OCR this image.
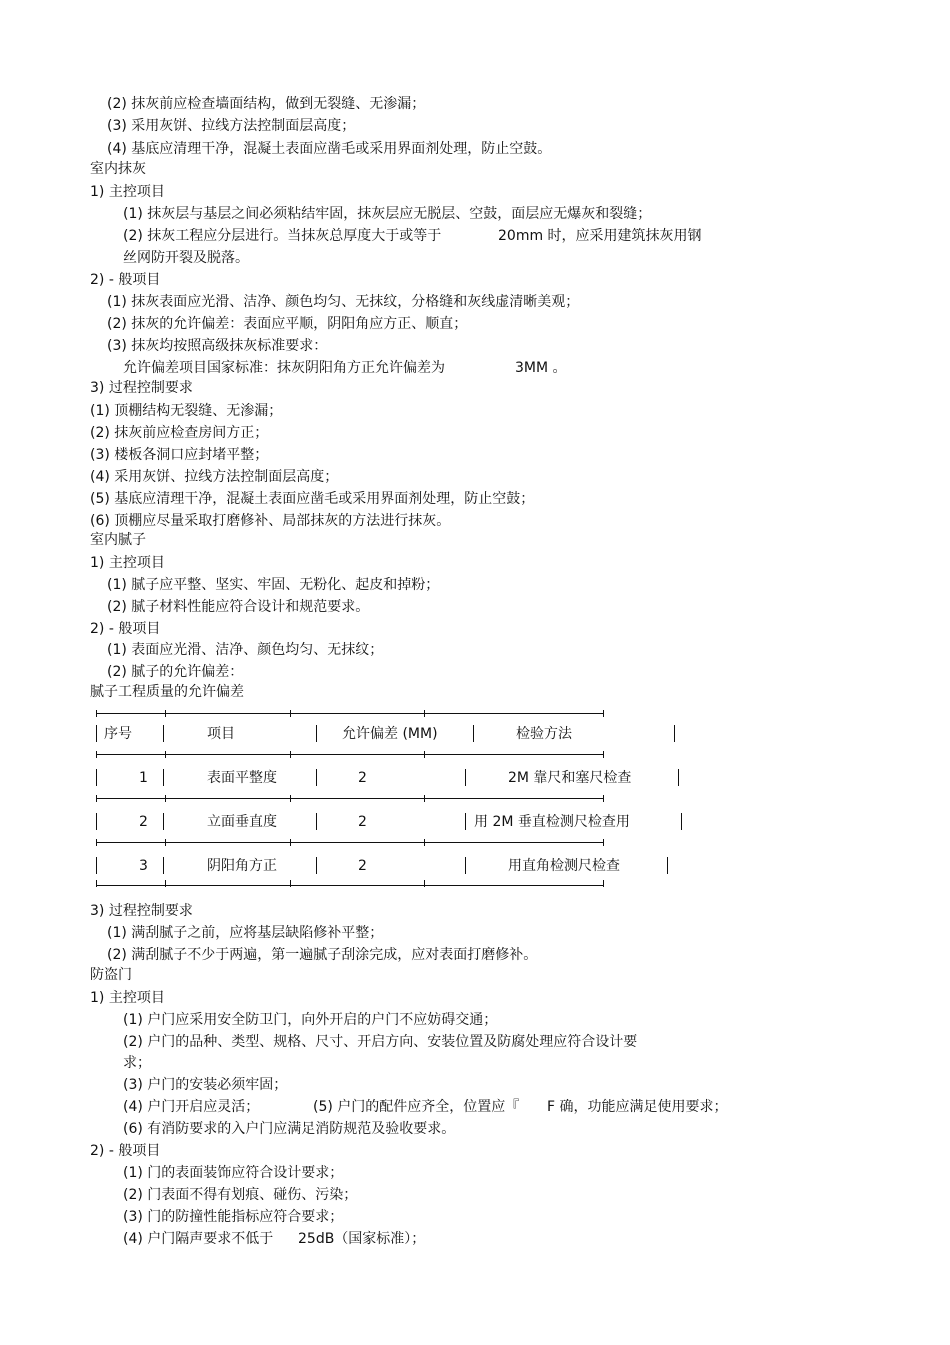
(2) 抹灰前应检查墙面结构，做到无裂缝、无渗漏；
(3) 采用灰饼、拉线方法控制面层高度；
(4) 基底应清理干净，混凝土表面应凿毛或采用界面剂处理，防止空鼓。
室内抹灰
1) 主控项目
(1) 抹灰层与基层之间必须粘结牢固，抹灰层应无脱层、空鼓，面层应无爆灰和裂缝；
(2) 抹灰工程应分层进行。当抹灰总厚度大于或等于	20mm 时，应采用建筑抹灰用钢
丝网防开裂及脱落。
2) - 般项目
(1) 抹灰表面应光滑、洁净、颜色均匀、无抹纹，分格缝和灰线虚清晰美观；
(2) 抹灰的允许偏差：表面应平顺，阴阳角应方正、顺直；
(3) 抹灰均按照高级抹灰标准要求：
允许偏差项目国家标准：抹灰阴阳角方正允许偏差为	3MM 。
3) 过程控制要求
(1) 顶棚结构无裂缝、无渗漏；
(2) 抹灰前应检查房间方正；
(3) 楼板各洞口应封堵平整；
(4) 采用灰饼、拉线方法控制面层高度；
(5) 基底应清理干净，混凝土表面应凿毛或采用界面剂处理，防止空鼓；
(6) 顶棚应尽量采取打磨修补、局部抹灰的方法进行抹灰。
室内腻子
1) 主控项目
(1) 腻子应平整、坚实、牢固、无粉化、起皮和掉粉；
(2) 腻子材料性能应符合设计和规范要求。
2) - 般项目
(1) 表面应光滑、洁净、颜色均匀、无抹纹；
(2) 腻子的允许偏差：
腻子工程质量的允许偏差
序号	项目	允许偏差 (MM)	检验方法
1	表面平整度	2	2M 靠尺和塞尺检查
2	立面垂直度	2	用 2M 垂直检测尺检查用
3	阴阳角方正	2	用直角检测尺检查
3) 过程控制要求
(1) 满刮腻子之前，应将基层缺陷修补平整；
(2) 满刮腻子不少于两遍，第一遍腻子刮涂完成，应对表面打磨修补。
防盗门
1) 主控项目
(1) 户门应采用安全防卫门，向外开启的户门不应妨碍交通；
(2) 户门的品种、类型、规格、尺寸、开启方向、安装位置及防腐处理应符合设计要
求；
(3) 户门的安装必须牢固；
(4) 户门开启应灵活；	(5) 户门的配件应齐全，位置应『 F 确，功能应满足使用要求；
(6) 有消防要求的入户门应满足消防规范及验收要求。
2) - 般项目
(1) 门的表面装饰应符合设计要求；
(2) 门表面不得有划痕、碰伤、污染；
(3) 门的防撞性能指标应符合要求；
(4) 户门隔声要求不低于 25dB（国家标准）；
